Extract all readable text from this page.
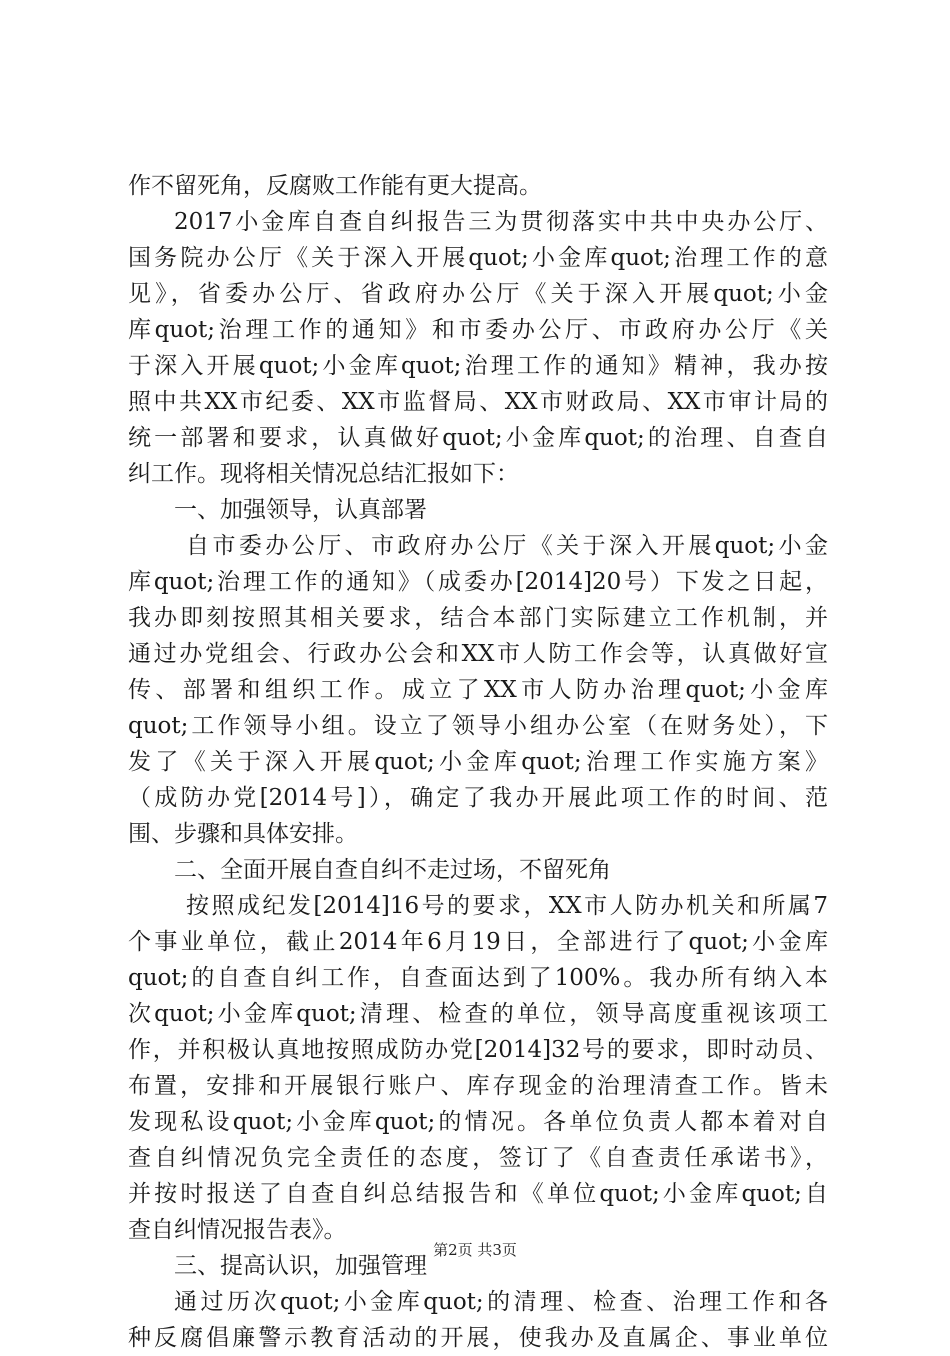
作不留死角，反腐败工作能有更大提高。
2017小金库自查自纠报告三为贯彻落实中共中央办公厅、
国务院办公厅《关于深入开展quot;小金库quot;治理工作的意
见》，省委办公厅、省政府办公厅《关于深入开展quot;小金
库quot;治理工作的通知》和市委办公厅、市政府办公厅《关
于深入开展quot;小金库quot;治理工作的通知》精神，我办按
照中共XX市纪委、XX市监督局、XX市财政局、XX市审计局的
统一部署和要求，认真做好quot;小金库quot;的治理、自查自
纠工作。现将相关情况总结汇报如下：
一、加强领导，认真部署
自市委办公厅、市政府办公厅《关于深入开展quot;小金
库quot;治理工作的通知》（成委办[2014]20号）下发之日起，
我办即刻按照其相关要求，结合本部门实际建立工作机制，并
通过办党组会、行政办公会和XX市人防工作会等，认真做好宣
传、部署和组织工作。成立了XX市人防办治理quot;小金库
quot;工作领导小组。设立了领导小组办公室（在财务处），下
发了《关于深入开展quot;小金库quot;治理工作实施方案》
（成防办党[2014号]），确定了我办开展此项工作的时间、范
围、步骤和具体安排。
二、全面开展自查自纠不走过场，不留死角
按照成纪发[2014]16号的要求，XX市人防办机关和所属7
个事业单位，截止2014年6月19日，全部进行了quot;小金库
quot;的自查自纠工作，自查面达到了100%。我办所有纳入本
次quot;小金库quot;清理、检查的单位，领导高度重视该项工
作，并积极认真地按照成防办党[2014]32号的要求，即时动员、
布置，安排和开展银行账户、库存现金的治理清查工作。皆未
发现私设quot;小金库quot;的情况。各单位负责人都本着对自
查自纠情况负完全责任的态度，签订了《自查责任承诺书》，
并按时报送了自查自纠总结报告和《单位quot;小金库quot;自
查自纠情况报告表》。
三、提高认识，加强管理
通过历次quot;小金库quot;的清理、检查、治理工作和各
种反腐倡廉警示教育活动的开展，使我办及直属企、事业单位
第2页 共3页
